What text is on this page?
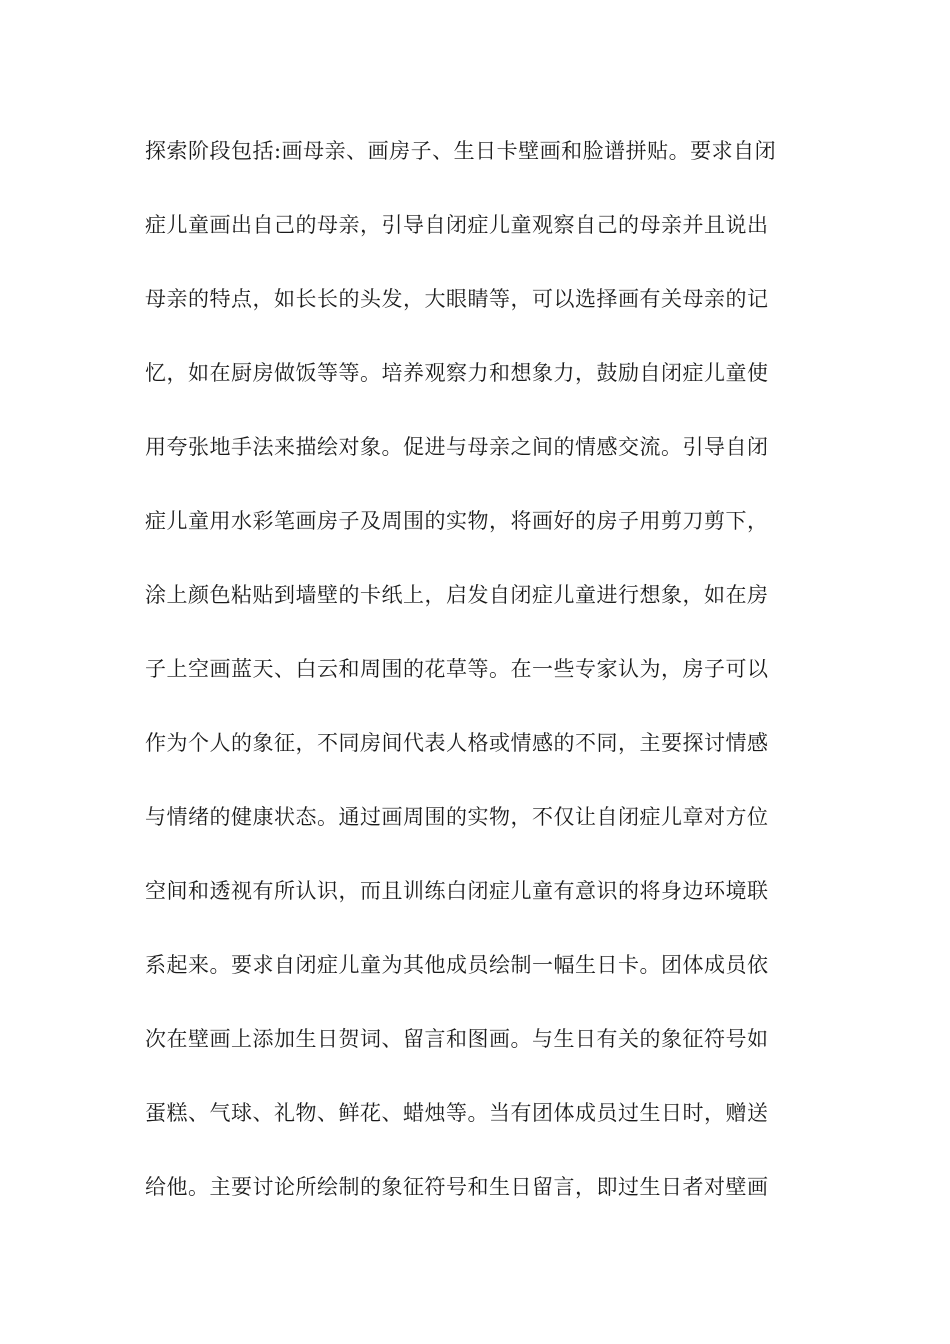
探索阶段包括:画母亲、画房子、生日卡壁画和脸谱拼贴。要求自闭
症儿童画出自己的母亲，引导自闭症儿童观察自己的母亲并且说出
母亲的特点，如长长的头发，大眼睛等，可以选择画有关母亲的记
忆，如在厨房做饭等等。培养观察力和想象力，鼓励自闭症儿童使
用夸张地手法来描绘对象。促进与母亲之间的情感交流。引导自闭
症儿童用水彩笔画房子及周围的实物，将画好的房子用剪刀剪下，
涂上颜色粘贴到墙壁的卡纸上，启发自闭症儿童进行想象，如在房
子上空画蓝天、白云和周围的花草等。在一些专家认为，房子可以
作为个人的象征，不同房间代表人格或情感的不同，主要探讨情感
与情绪的健康状态。通过画周围的实物，不仅让自闭症儿章对方位
空间和透视有所认识，而且训练白闭症儿童有意识的将身边环境联
系起来。要求自闭症儿童为其他成员绘制一幅生日卡。团体成员依
次在壁画上添加生日贺词、留言和图画。与生日有关的象征符号如
蛋糕、气球、礼物、鲜花、蜡烛等。当有团体成员过生日时，赠送
给他。主要讨论所绘制的象征符号和生日留言，即过生日者对壁画
